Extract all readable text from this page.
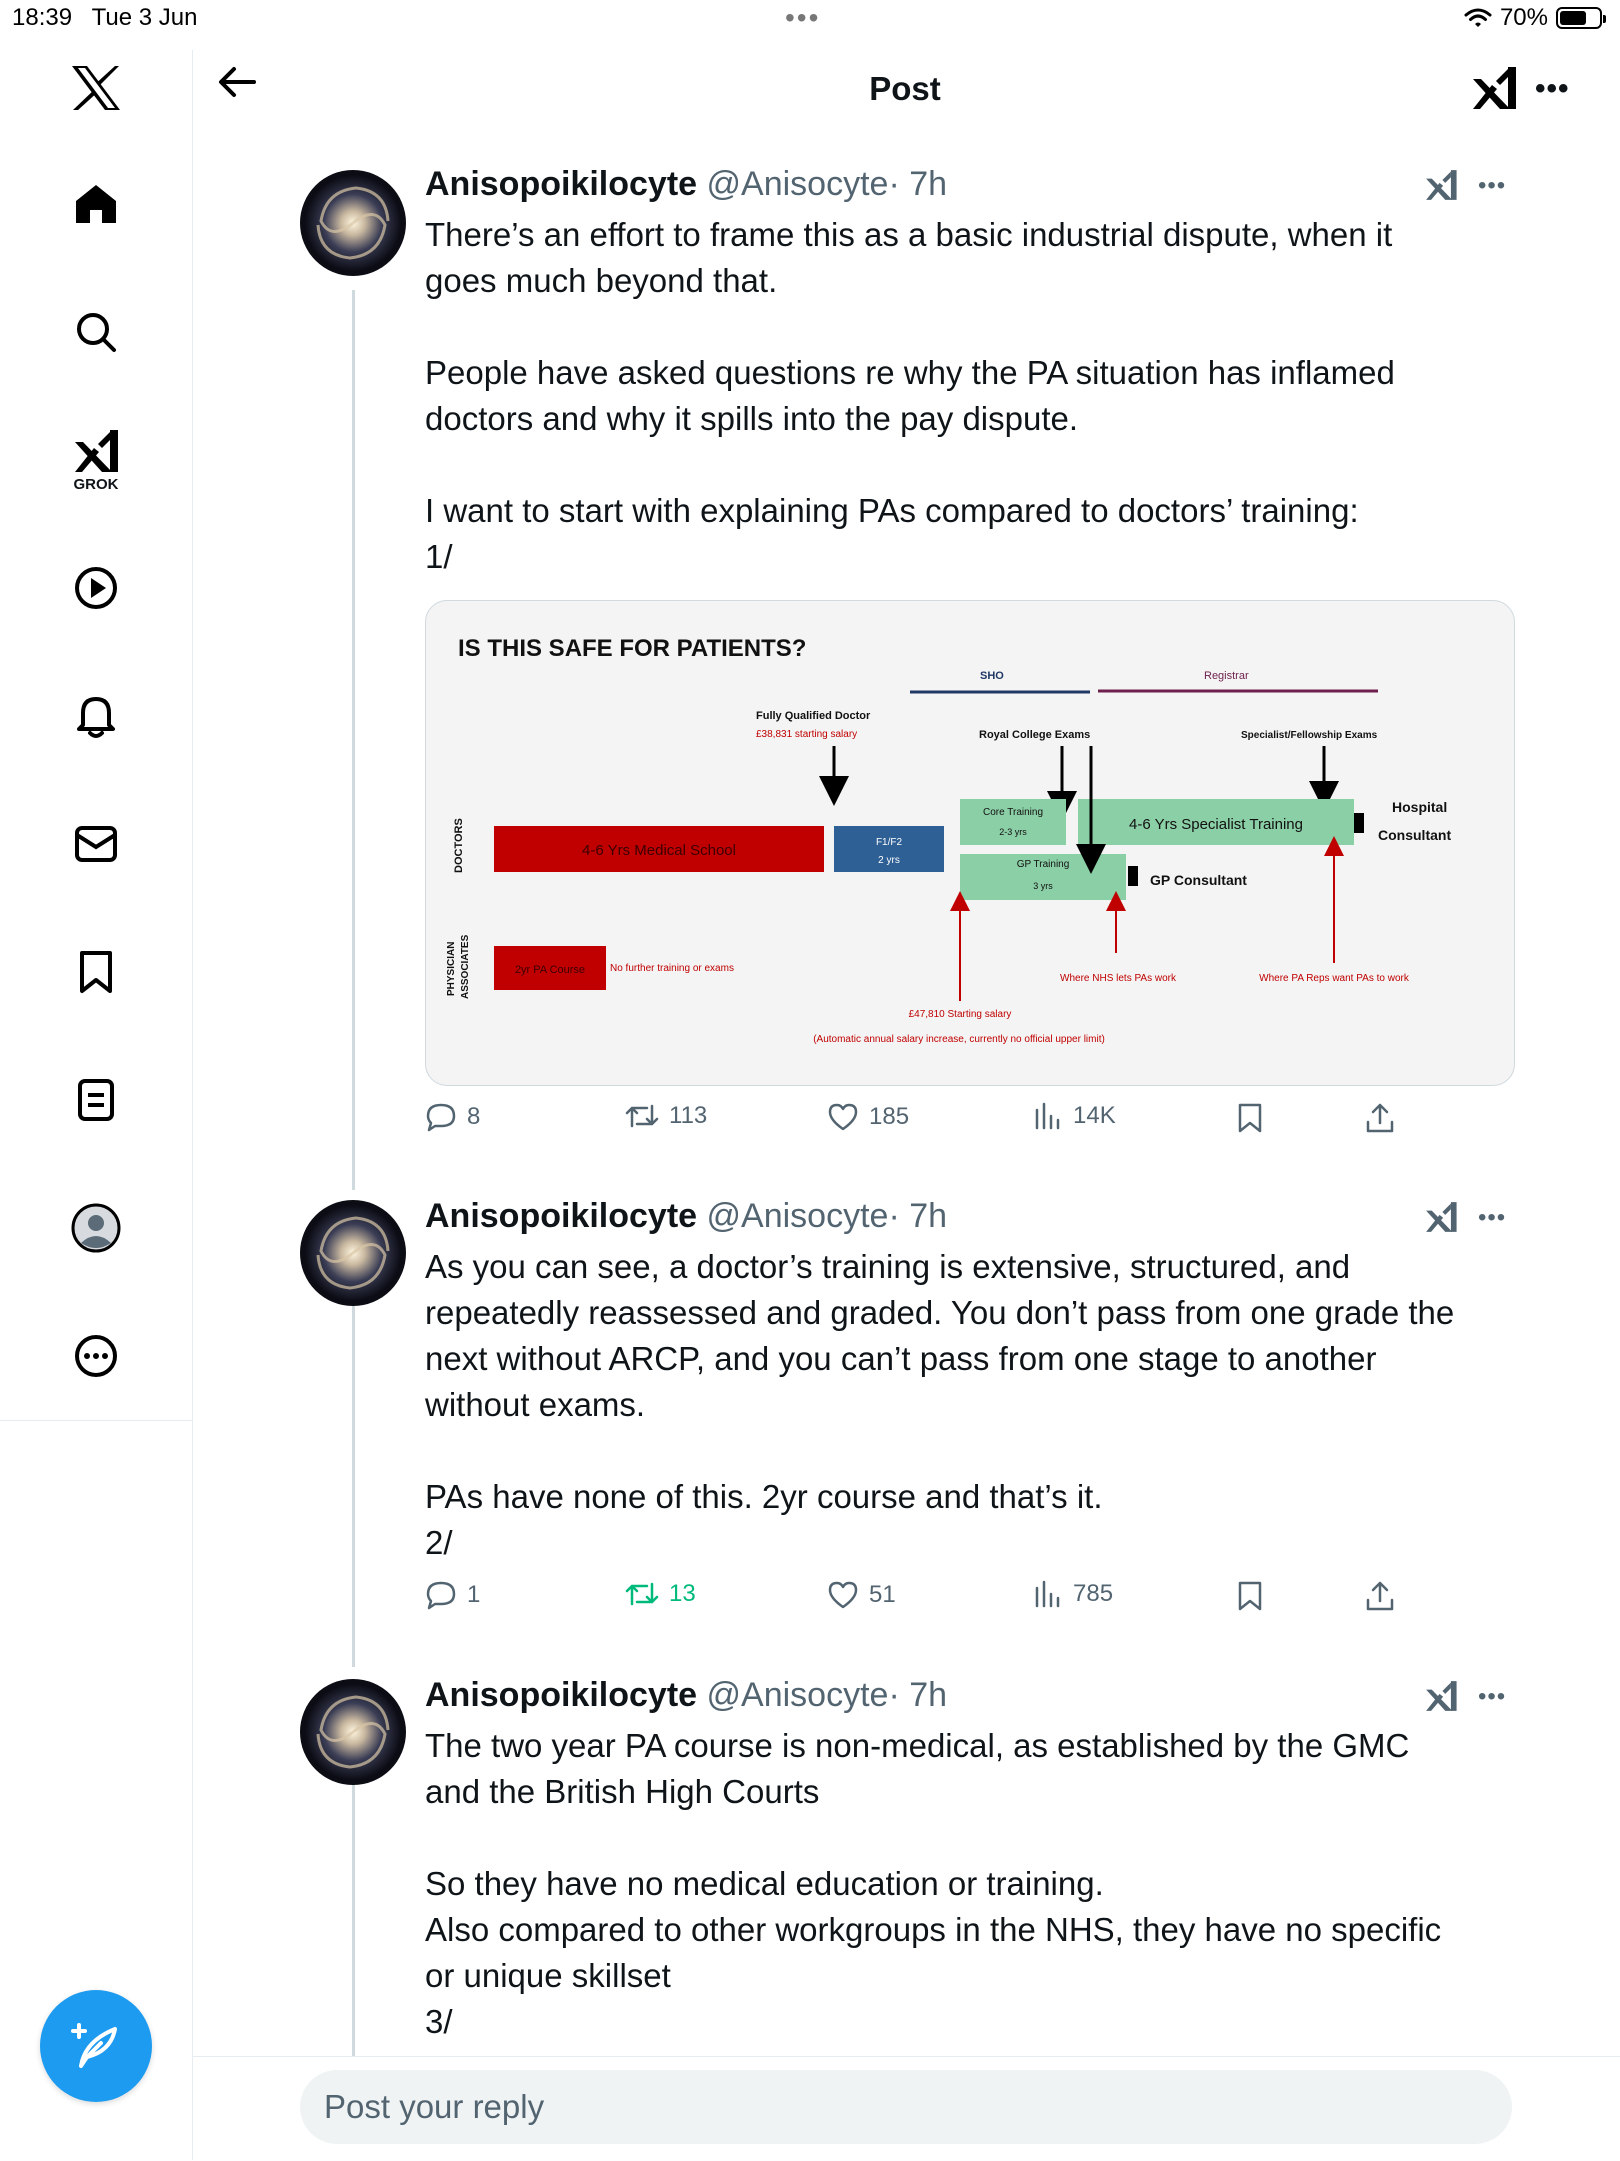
18:39 Tue 3 Jun	•••	70%
GROK
Post	•••
Anisopoikilocyte @Anisocyte· 7h	•••

There’s an effort to frame this as a basic industrial dispute, when it

goes much beyond that.

People have asked questions re why the PA situation has inflamed

doctors and why it spills into the pay dispute.

I want to start with explaining PAs compared to doctors’ training:

1/

IS THIS SAFE FOR PATIENTS?
SHO	Registrar
Fully Qualified Doctor
£38,831 starting salary	Royal College Exams	Specialist/Fellowship Exams
DOCTORS
PHYSICIAN ASSOCIATES
4-6 Yrs Medical School	F1/F2
2 yrs
Core Training
2-3 yrs	4-6 Yrs Specialist Training
Hospital
Consultant
GP Training
3 yrs	GP Consultant
2yr PA Course No further training or exams
Where NHS lets PAs work	Where PA Reps want PAs to work
£47,810 Starting salary
(Automatic annual salary increase, currently no official upper limit)
8	113	185	14K
Anisopoikilocyte @Anisocyte· 7h	•••

As you can see, a doctor’s training is extensive, structured, and

repeatedly reassessed and graded. You don’t pass from one grade the

next without ARCP, and you can’t pass from one stage to another

without exams.

PAs have none of this. 2yr course and that’s it.

2/

1	13	51	785
Anisopoikilocyte @Anisocyte· 7h	•••

The two year PA course is non-medical, as established by the GMC

and the British High Courts

So they have no medical education or training.

Also compared to other workgroups in the NHS, they have no specific

or unique skillset

3/

Post your reply
